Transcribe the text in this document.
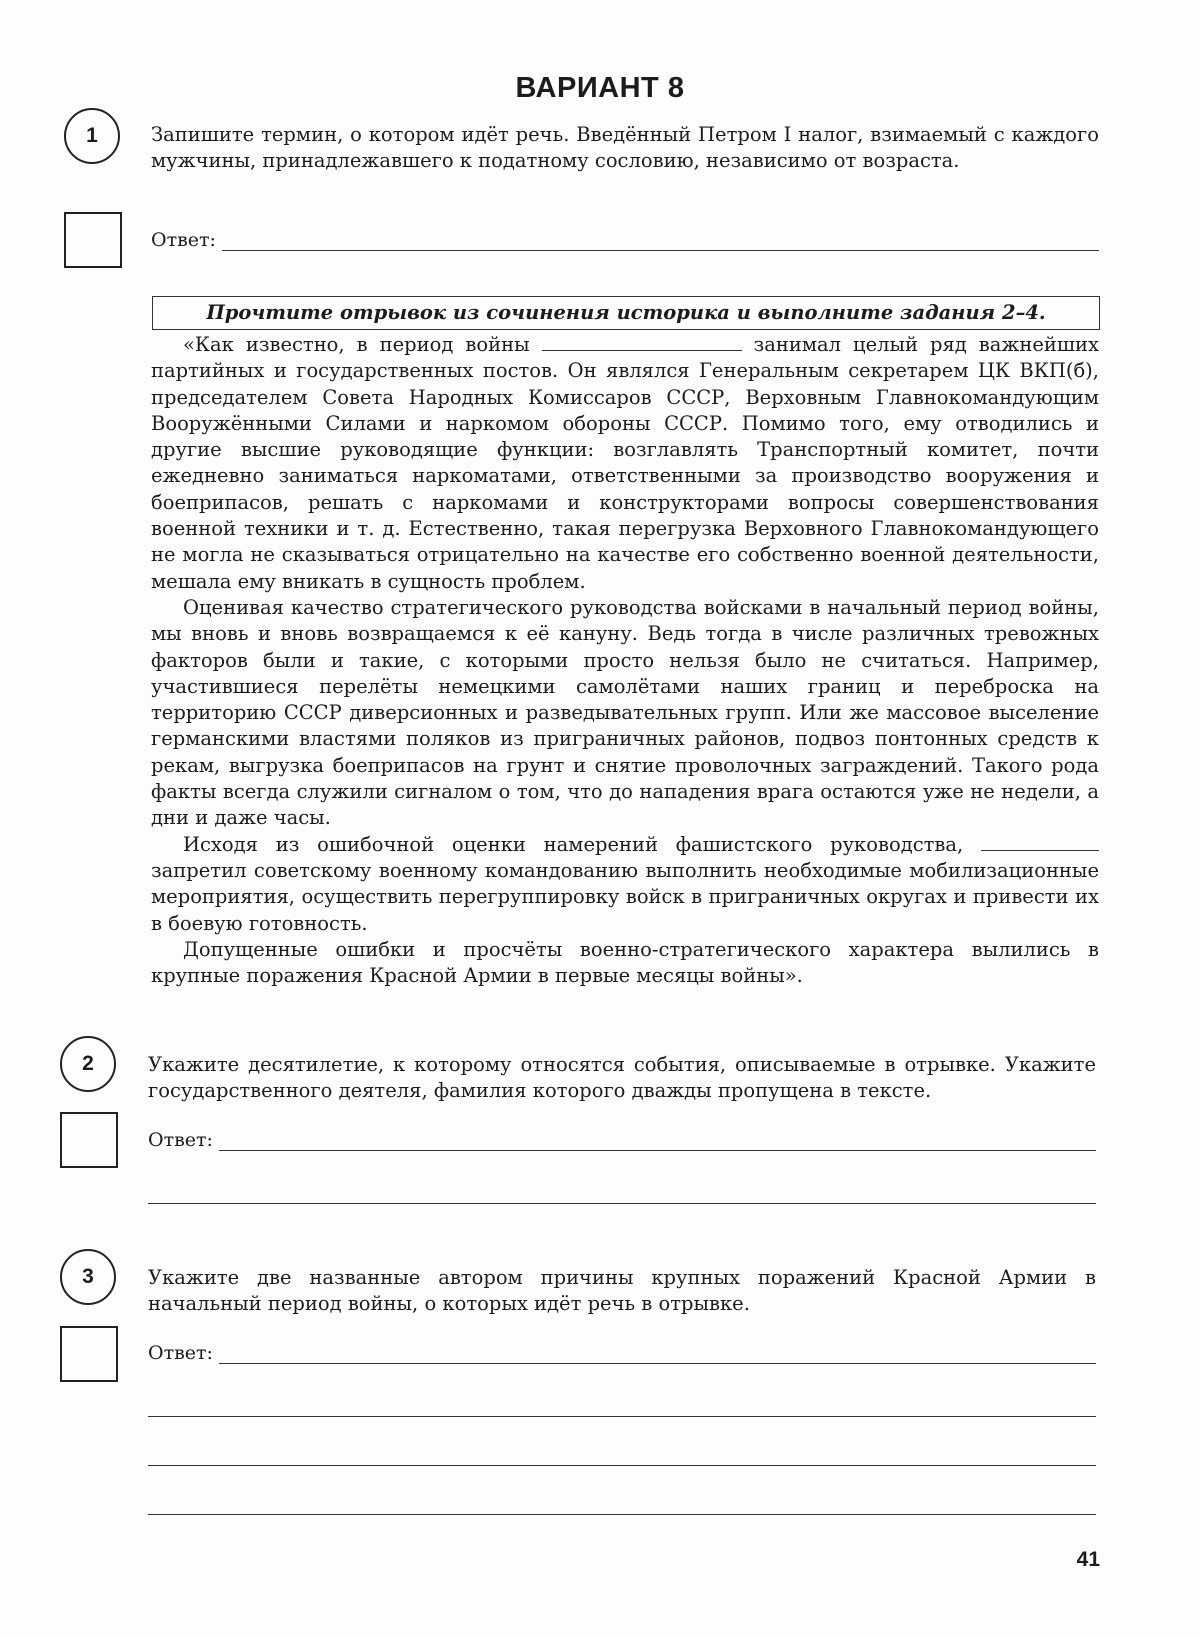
ВАРИАНТ 8
1	Запишите термин, о котором идёт речь. Введённый Петром I налог, взимаемый с каждого мужчины, принадлежавшего к податному сословию, независимо от возраста.
Ответ:
Прочтите отрывок из сочинения историка и выполните задания 2–4.

«Как известно, в период войны	занимал целый ряд важнейших партийных и государственных постов. Он являлся Генеральным секретарем ЦК ВКП(б), председателем Совета Народных Комиссаров СССР, Верховным Главнокомандующим Вооружёнными Силами и наркомом обороны СССР. Помимо того, ему отводились и другие высшие руководящие функции: возглавлять Транспортный комитет, почти ежедневно заниматься наркоматами, ответственными за производство вооружения и боеприпасов, решать с наркомами и конструкторами вопросы совершенствования военной техники и т. д. Естественно, такая перегрузка Верховного Главнокомандующего не могла не сказываться отрицательно на качестве его собственно военной деятельности, мешала ему вникать в сущность проблем.

Оценивая качество стратегического руководства войсками в начальный период войны, мы вновь и вновь возвращаемся к её кануну. Ведь тогда в числе различных тревожных факторов были и такие, с которыми просто нельзя было не считаться. Например, участившиеся перелёты немецкими самолётами наших границ и переброска на территорию СССР диверсионных и разведывательных групп. Или же массовое выселение германскими властями поляков из приграничных районов, подвоз понтонных средств к рекам, выгрузка боеприпасов на грунт и снятие проволочных заграждений. Такого рода факты всегда служили сигналом о том, что до нападения врага остаются уже не недели, а дни и даже часы.

Исходя из ошибочной оценки намерений фашистского руководства,  запретил советскому военному командованию выполнить необходимые мобилизационные мероприятия, осуществить перегруппировку войск в приграничных округах и привести их в боевую готовность.

Допущенные ошибки и просчёты военно-стратегического характера вылились в крупные поражения Красной Армии в первые месяцы войны».

2	Укажите десятилетие, к которому относятся события, описываемые в отрывке. Укажите государственного деятеля, фамилия которого дважды пропущена в тексте.
Ответ:
3	Укажите две названные автором причины крупных поражений Красной Армии в начальный период войны, о которых идёт речь в отрывке.
Ответ:
41
